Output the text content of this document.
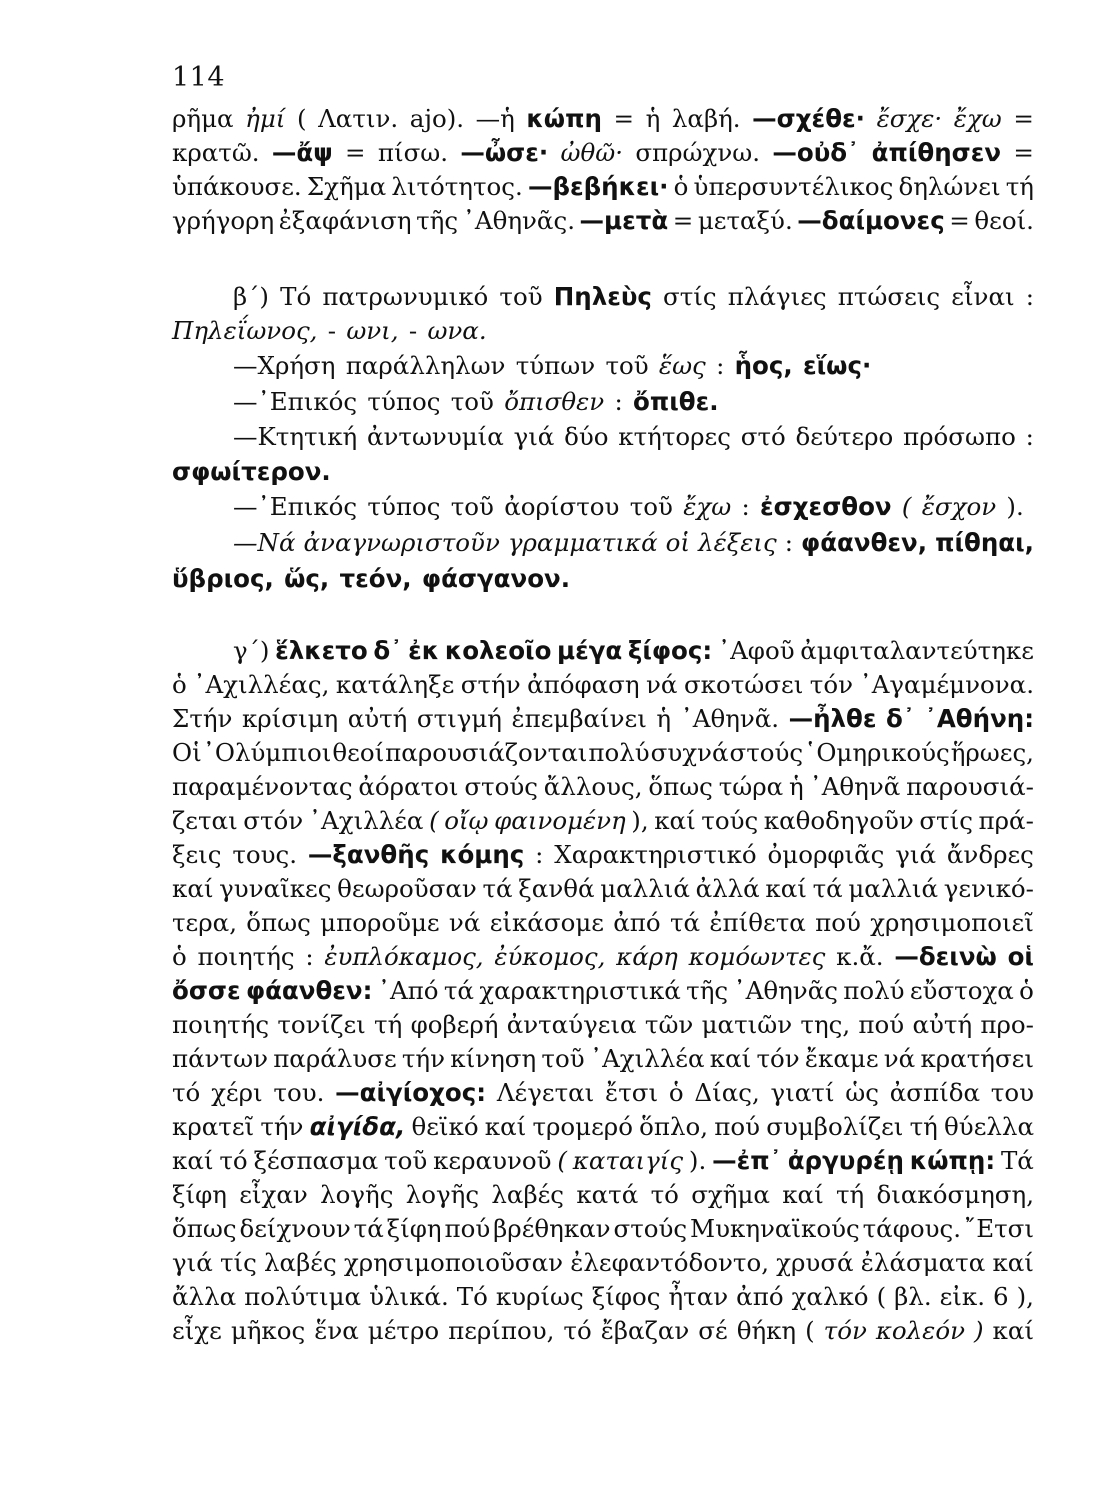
114
ρῆμα ἠμί ( Λατιν. ajo). —ἡ κώπη = ἡ λαβή. —σχέθε· ἔσχε· ἔχω =
κρατῶ. —ἄψ = πίσω. —ὦσε· ὠθῶ· σπρώχνω. —οὐδ᾿ ἀπίθησεν =
ὑπάκουσε. Σχῆμα λιτότητος. —βεβήκει· ὁ ὑπερσυντέλικος δηλώνει τή
γρήγορη ἐξαφάνιση τῆς ᾿Αθηνᾶς. —μετὰ = μεταξύ. —δαίμονες = θεοί.
β΄) Τό πατρωνυμικό τοῦ Πηλεὺς στίς πλάγιες πτώσεις εἶναι :
Πηλεΐωνος, - ωνι, - ωνα.
—Χρήση παράλληλων τύπων τοῦ ἕως : ἧος, εἵως·
—᾿Επικός τύπος τοῦ ὄπισθεν : ὄπιθε.
—Κτητική ἀντωνυμία γιά δύο κτήτορες στό δεύτερο πρόσωπο :
σφωίτερον.
—᾿Επικός τύπος τοῦ ἀορίστου τοῦ ἔχω : ἐσχεσθον ( ἔσχον ).
—Νά ἀναγνωριστοῦν γραμματικά οἱ λέξεις : φάανθεν, πίθηαι,
ὕβριος, ὥς, τεόν, φάσγανον.
γ΄) ἕλκετο δ᾿ ἐκ κολεοῖο μέγα ξίφος: ᾿Αφοῦ ἀμφιταλαντεύτηκε
ὁ ᾿Αχιλλέας, κατάληξε στήν ἀπόφαση νά σκοτώσει τόν ᾿Αγαμέμνονα.
Στήν κρίσιμη αὐτή στιγμή ἐπεμβαίνει ἡ ᾿Αθηνᾶ. —ἦλθε δ᾿ ᾿Αθήνη:
Οἱ ᾿Ολύμπιοι θεοί παρουσιάζονται πολύ συχνά στούς ῾Ομηρικούς ἥρωες,
παραμένοντας ἀόρατοι στούς ἄλλους, ὅπως τώρα ἡ ᾿Αθηνᾶ παρουσιά-
ζεται στόν ᾿Αχιλλέα ( οἴῳ φαινομένη ), καί τούς καθοδηγοῦν στίς πρά-
ξεις τους. —ξανθῆς κόμης : Χαρακτηριστικό ὀμορφιᾶς γιά ἄνδρες
καί γυναῖκες θεωροῦσαν τά ξανθά μαλλιά ἀλλά καί τά μαλλιά γενικό-
τερα, ὅπως μποροῦμε νά εἰκάσομε ἀπό τά ἐπίθετα πού χρησιμοποιεῖ
ὁ ποιητής : ἐυπλόκαμος, ἐύκομος, κάρη κομόωντες κ.ἄ. —δεινὼ οἱ
ὄσσε φάανθεν: ᾿Από τά χαρακτηριστικά τῆς ᾿Αθηνᾶς πολύ εὔστοχα ὁ
ποιητής τονίζει τή φοβερή ἀνταύγεια τῶν ματιῶν της, πού αὐτή προ-
πάντων παράλυσε τήν κίνηση τοῦ ᾿Αχιλλέα καί τόν ἔκαμε νά κρατήσει
τό χέρι του. —αἰγίοχος: Λέγεται ἔτσι ὁ Δίας, γιατί ὡς ἀσπίδα του
κρατεῖ τήν αἰγίδα, θεϊκό καί τρομερό ὅπλο, πού συμβολίζει τή θύελλα
καί τό ξέσπασμα τοῦ κεραυνοῦ ( καταιγίς ). —ἐπ᾿ ἀργυρέῃ κώπῃ: Τά
ξίφη εἶχαν λογῆς λογῆς λαβές κατά τό σχῆμα καί τή διακόσμηση,
ὅπως δείχνουν τά ξίφη πού βρέθηκαν στούς Μυκηναϊκούς τάφους. ῎Ετσι
γιά τίς λαβές χρησιμοποιοῦσαν ἐλεφαντόδοντο, χρυσά ἐλάσματα καί
ἄλλα πολύτιμα ὑλικά. Τό κυρίως ξίφος ἦταν ἀπό χαλκό ( βλ. εἰκ. 6 ),
εἶχε μῆκος ἕνα μέτρο περίπου, τό ἔβαζαν σέ θήκη ( τόν κολεόν ) καί
